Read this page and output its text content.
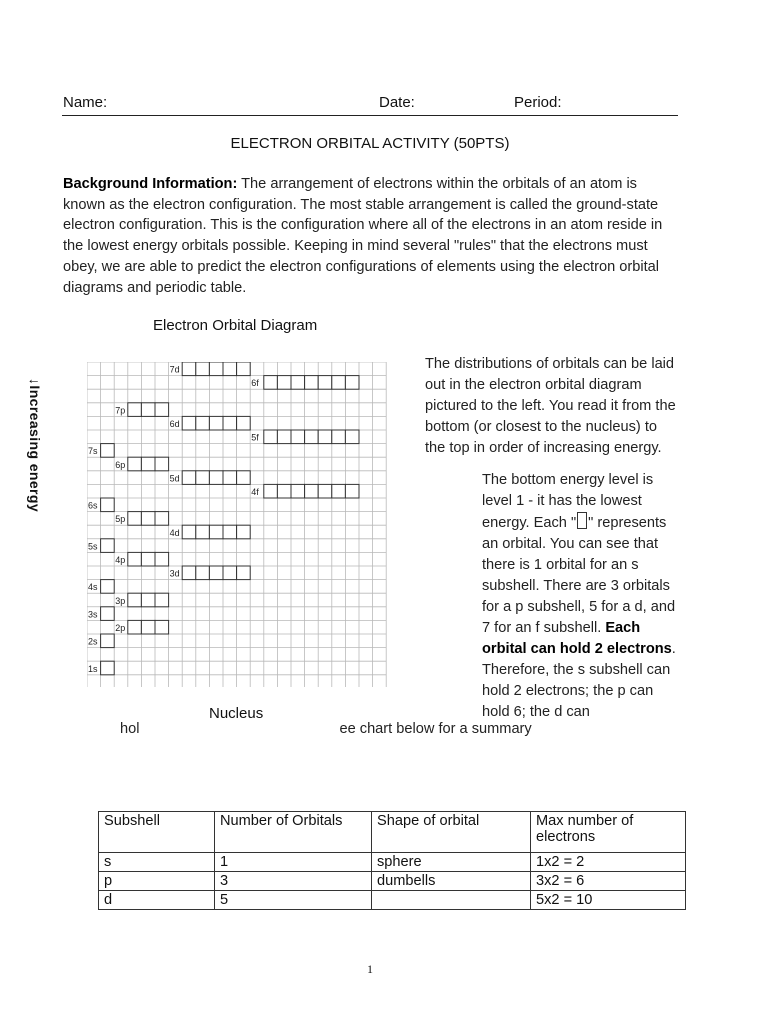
Name:	Date:	Period:
ELECTRON ORBITAL ACTIVITY (50PTS)
Background Information: The arrangement of electrons within the orbitals of an atom is known as the electron configuration. The most stable arrangement is called the ground-state electron configuration. This is the configuration where all of the electrons in an atom reside in the lowest energy orbitals possible. Keeping in mind several "rules" that the electrons must obey, we are able to predict the electron configurations of elements using the electron orbital diagrams and periodic table.
Electron Orbital Diagram
↓Increasing energy
7d
6f
7p
6d
5f
7s
6p
5d
4f
6s
5p
4d
5s
4p
3d
4s
3p
3s
2p
2s
1s
The distributions of orbitals can be laid out in the electron orbital diagram pictured to the left. You read it from the bottom (or closest to the nucleus) to the top in order of increasing energy.
The bottom energy level is level 1 - it has the lowest energy. Each " " represents an orbital. You can see that there is 1 orbital for an s subshell. There are 3 orbitals for a p subshell, 5 for a d, and 7 for an f subshell. Each orbital can hold 2 electrons. Therefore, the s subshell can hold 2 electrons; the p can hold 6; the d can
Nucleus
hol	ee chart below for a summary
Subshell	Number of Orbitals	Shape of orbital	Max number of electrons
s	1	sphere	1x2 = 2
p	3	dumbells	3x2 = 6
d	5		5x2 = 10
1
